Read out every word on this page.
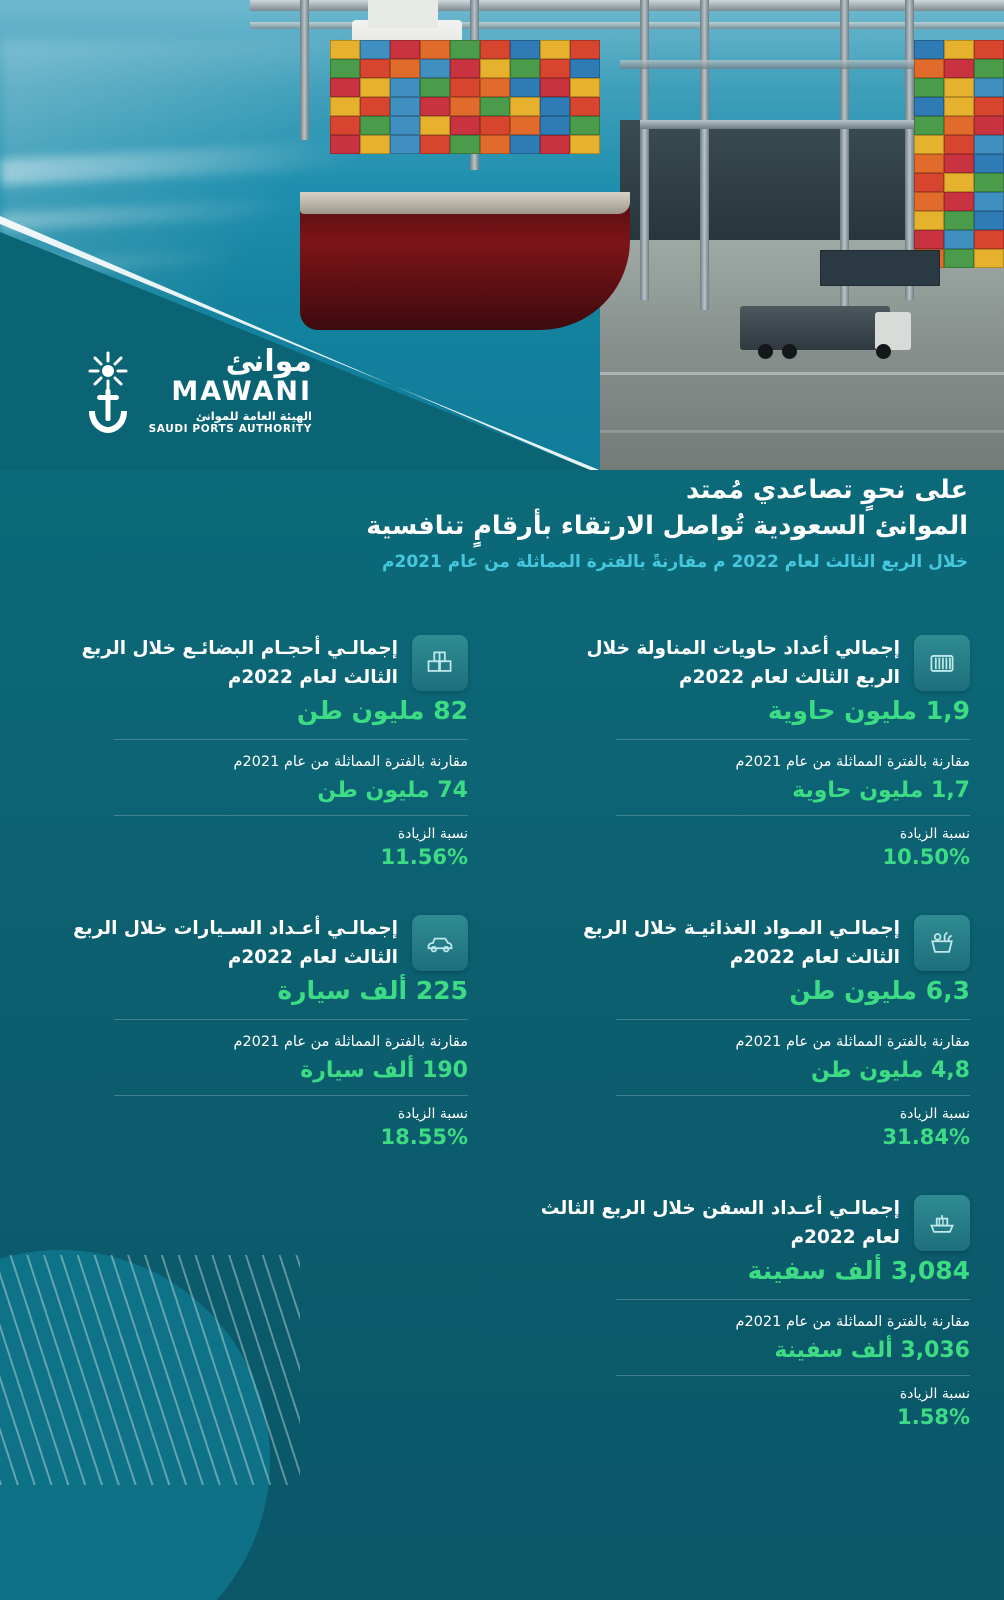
موانئ
MAWANI
الهيئة العامة للموانئ
SAUDI PORTS AUTHORITY
على نحوٍ تصاعدي مُمتد
الموانئ السعودية تُواصل الارتقاء بأرقامٍ تنافسية
خلال الربع الثالث لعام 2022 م مقارنةً بالفترة المماثلة من عام 2021م
إجمالي أعداد حاويات المناولة خلال الربع الثالث لعام 2022م
1,9 مليون حاوية
مقارنة بالفترة المماثلة من عام 2021م
1,7 مليون حاوية
نسبة الزيادة
10.50%
إجمالـي أحجـام البضائـع خلال الربع الثالث لعام 2022م
82 مليون طن
مقارنة بالفترة المماثلة من عام 2021م
74 مليون طن
نسبة الزيادة
11.56%
إجمالـي المـواد الغذائيـة خلال الربع الثالث لعام 2022م
6,3 مليون طن
مقارنة بالفترة المماثلة من عام 2021م
4,8 مليون طن
نسبة الزيادة
31.84%
إجمالـي أعـداد السـيارات خلال الربع الثالث لعام 2022م
225 ألف سيارة
مقارنة بالفترة المماثلة من عام 2021م
190 ألف سيارة
نسبة الزيادة
18.55%
إجمالـي أعـداد السفن خلال الربع الثالث لعام 2022م
3,084 ألف سفينة
مقارنة بالفترة المماثلة من عام 2021م
3,036 ألف سفينة
نسبة الزيادة
1.58%
